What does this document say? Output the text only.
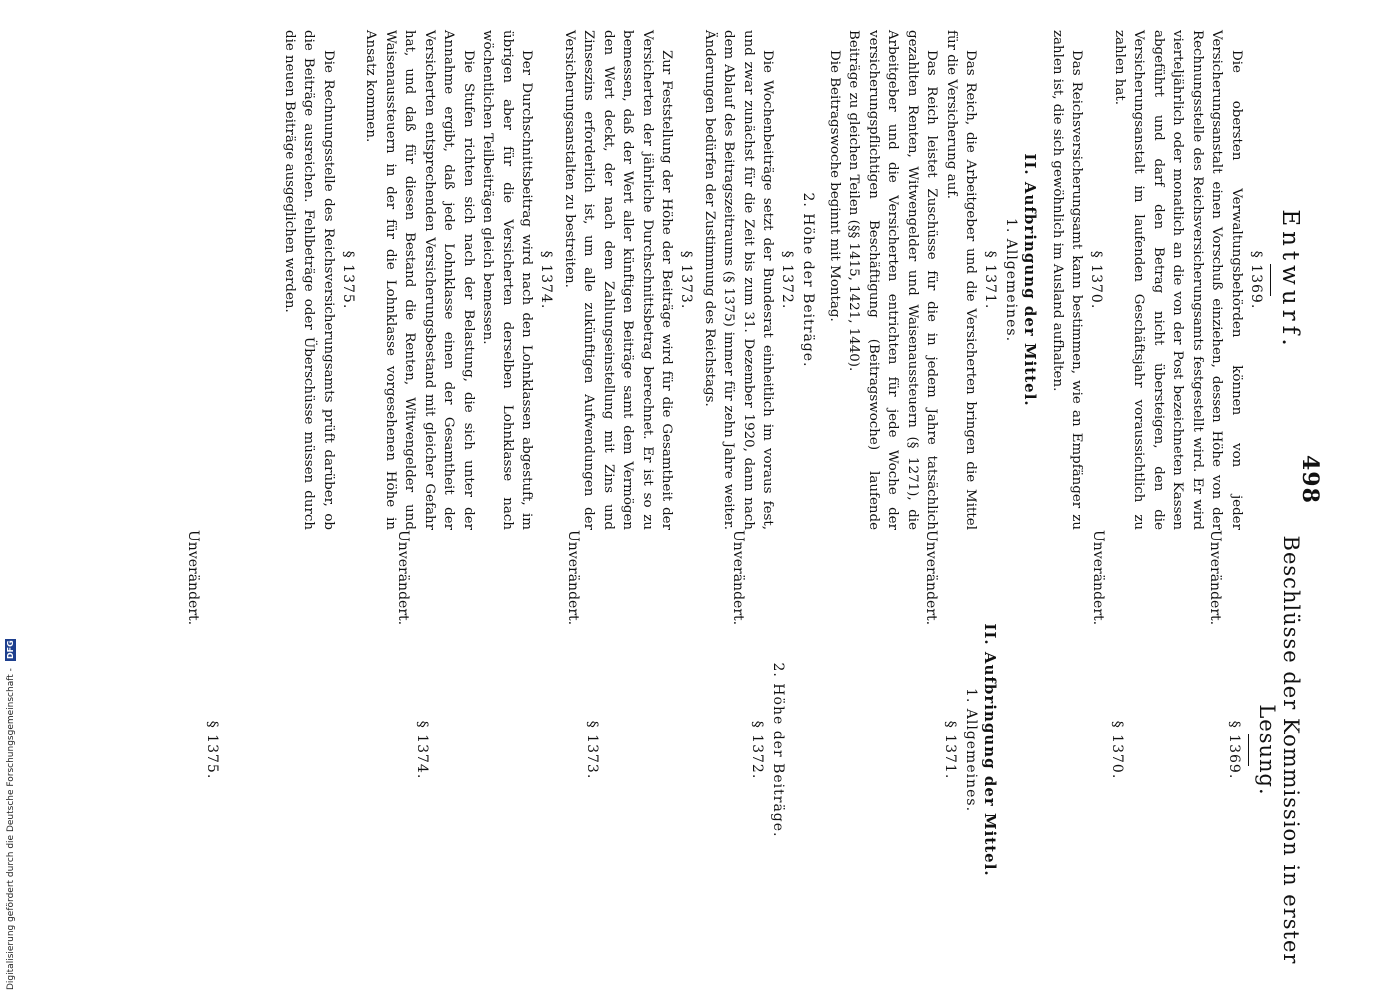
498
Entwurf.
§ 1369.

Die obersten Verwaltungsbehörden können von jeder Versicherungsanstalt einen Vorschuß einziehen, dessen Höhe von der Rechnungsstelle des Reichsversicherungsamts festgestellt wird. Er wird vierteljährlich oder monatlich an die von der Post bezeichneten Kassen abgeführt und darf den Betrag nicht übersteigen, den die Versicherungsanstalt im laufenden Geschäftsjahr voraussichtlich zu zahlen hat.

§ 1370.

Das Reichsversicherungsamt kann bestimmen, wie an Empfänger zu zahlen ist, die sich gewöhnlich im Ausland aufhalten.

II. Aufbringung der Mittel.
1. Allgemeines.
§ 1371.

Das Reich, die Arbeitgeber und die Versicherten bringen die Mittel für die Versicherung auf.

Das Reich leistet Zuschüsse für die in jedem Jahre tatsächlich gezahlten Renten, Witwengelder und Waisenaussteuern (§ 1271), die Arbeitgeber und die Versicherten entrichten für jede Woche der versicherungspflichtigen Beschäftigung (Beitragswoche) laufende Beiträge zu gleichen Teilen (§§ 1415, 1421, 1440).

Die Beitragswoche beginnt mit Montag.

2. Höhe der Beiträge.
§ 1372.

Die Wochenbeiträge setzt der Bundesrat einheitlich im voraus fest, und zwar zunächst für die Zeit bis zum 31. Dezember 1920, dann nach dem Ablauf des Beitragszeitraums (§ 1375) immer für zehn Jahre weiter. Änderungen bedürfen der Zustimmung des Reichstags.

§ 1373.

Zur Feststellung der Höhe der Beiträge wird für die Gesamtheit der Versicherten der jährliche Durchschnittsbetrag berechnet. Er ist so zu bemessen, daß der Wert aller künftigen Beiträge samt dem Vermögen den Wert deckt, der nach dem Zahlungseinstellung mit Zins und Zinseszins erforderlich ist, um alle zukünftigen Aufwendungen der Versicherungsanstalten zu bestreiten.

§ 1374.

Der Durchschnittsbeitrag wird nach den Lohnklassen abgestuft, im übrigen aber für die Versicherten derselben Lohnklasse nach wöchentlichen Teilbeiträgen gleich bemessen.

Die Stufen richten sich nach der Belastung, die sich unter der Annahme ergibt, daß jede Lohnklasse einen der Gesamtheit der Versicherten entsprechenden Versicherungsbestand mit gleicher Gefahr hat, und daß für diesen Bestand die Renten, Witwengelder und Waisenaussteuern in der für die Lohnklasse vorgesehenen Höhe in Ansatz kommen.

§ 1375.

Die Rechnungsstelle des Reichsversicherungsamts prüft darüber, ob die Beiträge ausreichen. Fehlbeträge oder Überschüsse müssen durch die neuen Beiträge ausgeglichen werden.

Beschlüsse der Kommission in erster Lesung.
§ 1369.

Unverändert.

§ 1370.

Unverändert.

II. Aufbringung der Mittel.
1. Allgemeines.
§ 1371.

Unverändert.

2. Höhe der Beiträge.
§ 1372.

Unverändert.

§ 1373.

Unverändert.

§ 1374.

Unverändert.

§ 1375.

Unverändert.

Digitalisierung gefördert durch die Deutsche Forschungsgemeinschaft - DFG
